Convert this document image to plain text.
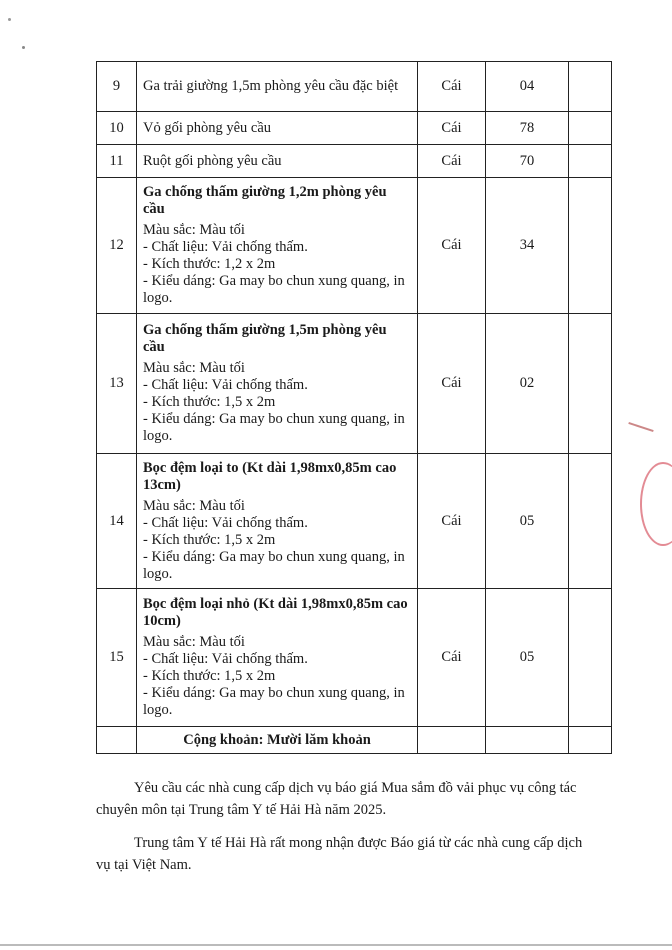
9	Ga trải giường 1,5m phòng yêu cầu đặc biệt	Cái	04	
10	Vỏ gối phòng yêu cầu	Cái	78	
11	Ruột gối phòng yêu cầu	Cái	70	
12	Ga chống thấm giường 1,2m phòng yêu cầu
Màu sắc: Màu tối
- Chất liệu: Vải chống thấm.
- Kích thước: 1,2 x 2m
- Kiểu dáng: Ga may bo chun xung quang, in logo.	Cái	34	
13	Ga chống thấm giường 1,5m phòng yêu cầu
Màu sắc: Màu tối
- Chất liệu: Vải chống thấm.
- Kích thước: 1,5 x 2m
- Kiểu dáng: Ga may bo chun xung quang, in logo.	Cái	02	
14	Bọc đệm loại to (Kt dài 1,98mx0,85m cao 13cm)
Màu sắc: Màu tối
- Chất liệu: Vải chống thấm.
- Kích thước: 1,5 x 2m
- Kiểu dáng: Ga may bo chun xung quang, in logo.	Cái	05	
15	Bọc đệm loại nhỏ (Kt dài 1,98mx0,85m cao 10cm)
Màu sắc: Màu tối
- Chất liệu: Vải chống thấm.
- Kích thước: 1,5 x 2m
- Kiểu dáng: Ga may bo chun xung quang, in logo.	Cái	05	
	Cộng khoản: Mười lăm khoản			

Yêu cầu các nhà cung cấp dịch vụ báo giá Mua sắm đồ vải phục vụ công tác chuyên môn tại Trung tâm Y tế Hải Hà năm 2025.

Trung tâm Y tế Hải Hà rất mong nhận được Báo giá từ các nhà cung cấp dịch vụ tại Việt Nam.
